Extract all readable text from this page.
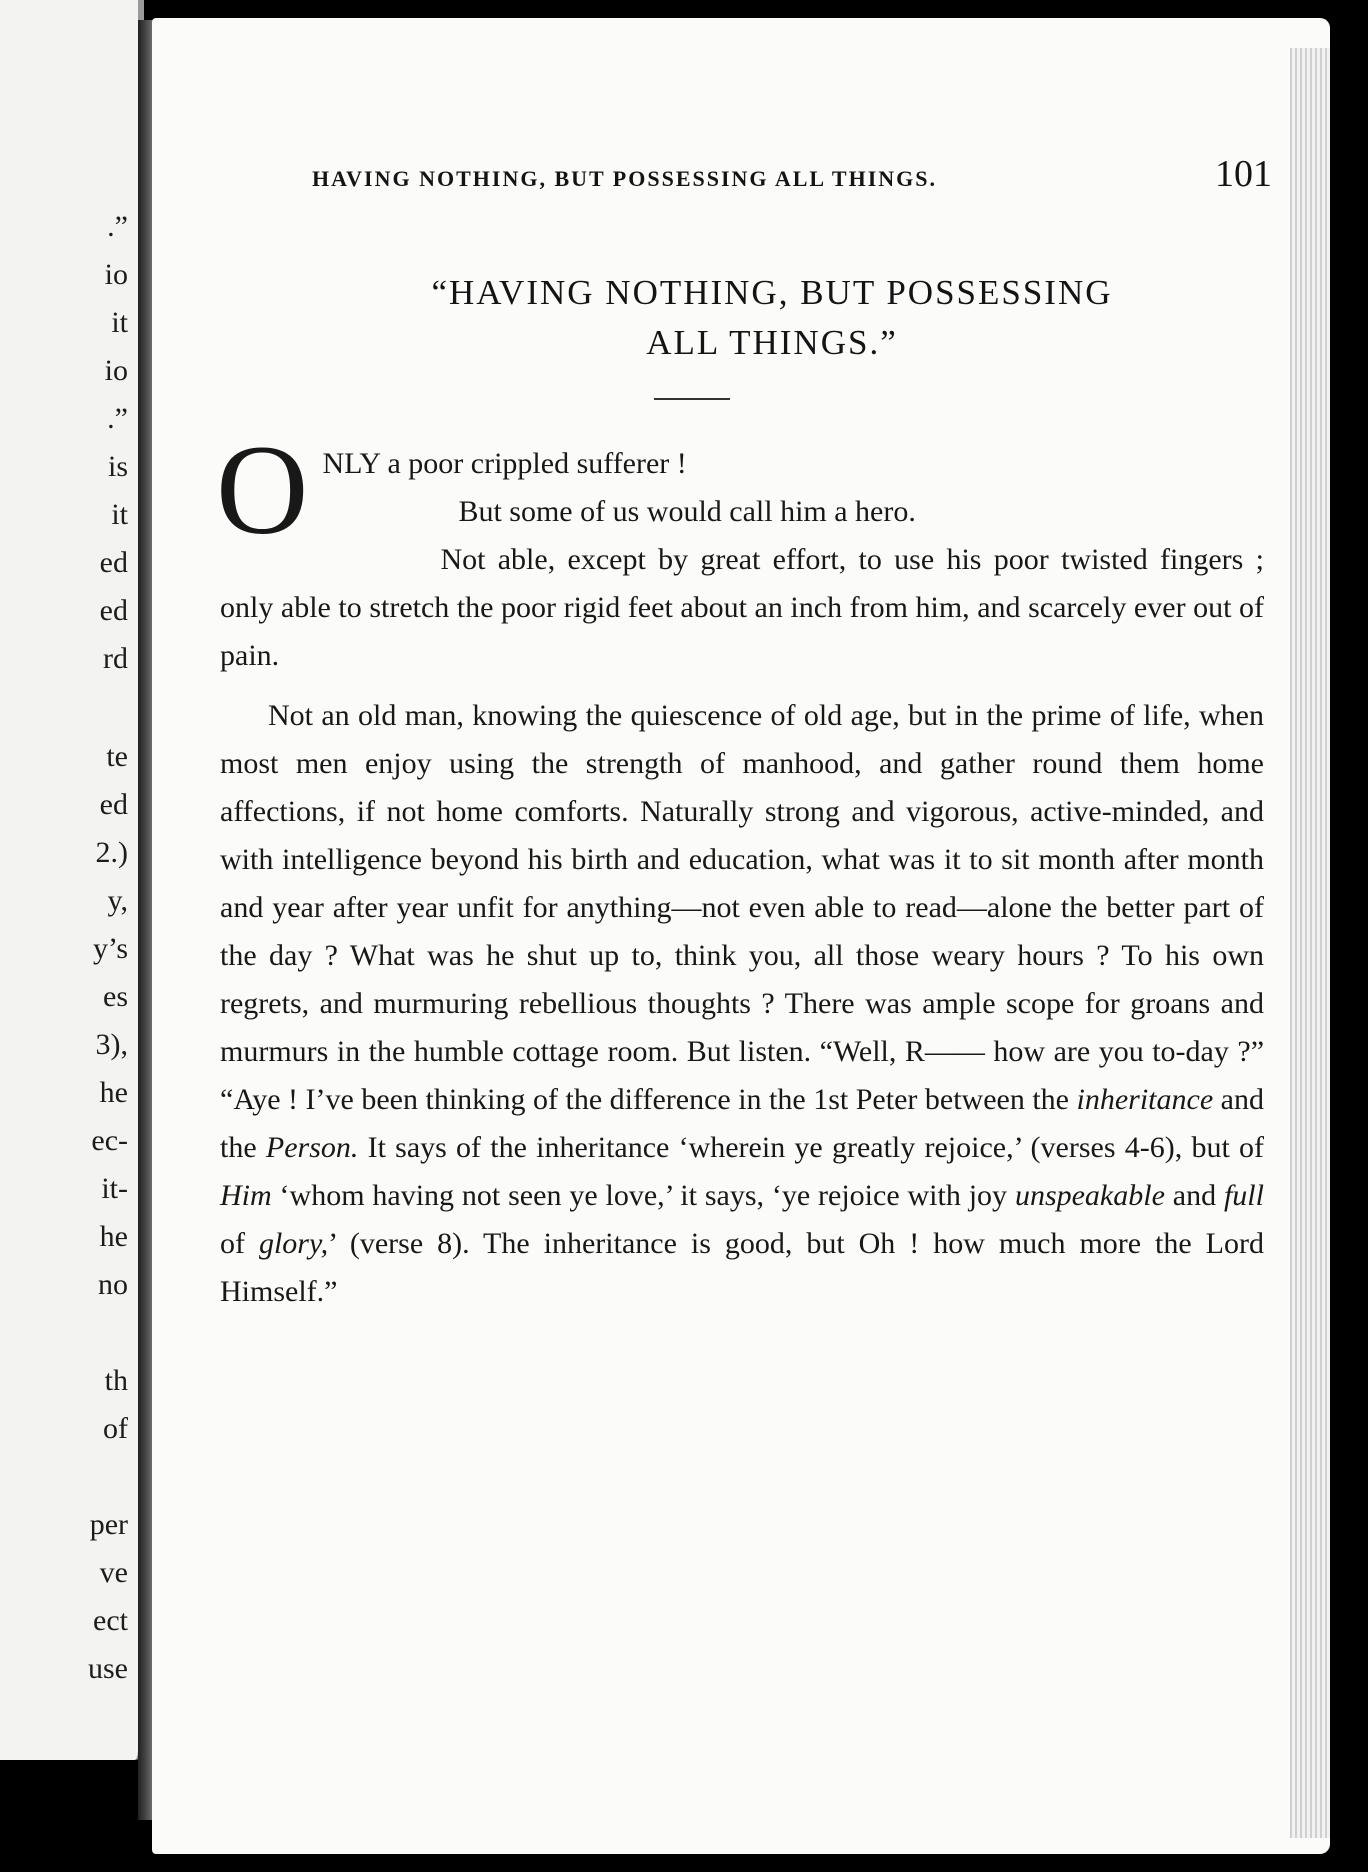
.”
io
it
io
.”
is
it
ed
ed
rd
te
ed
2.)
y,
y’s
es
3),
he
ec-
it-
he
no
th
of
per
ve
ect
use
HAVING NOTHING, BUT POSSESSING ALL THINGS.	101
“HAVING NOTHING, BUT POSSESSING
ALL THINGS.”

O NLY a poor crippled sufferer !
But some of us would call him a hero.
Not able, except by great effort, to use his poor twisted fingers ; only able to stretch the poor rigid feet about an inch from him, and scarcely ever out of pain.

Not an old man, knowing the quiescence of old age, but in the prime of life, when most men enjoy using the strength of manhood, and gather round them home affections, if not home comforts. Naturally strong and vigorous, active-minded, and with intelligence beyond his birth and education, what was it to sit month after month and year after year unfit for anything—not even able to read—alone the better part of the day ? What was he shut up to, think you, all those weary hours ? To his own regrets, and murmuring rebellious thoughts ? There was ample scope for groans and murmurs in the humble cottage room. But listen. “Well, R—— how are you to-day ?” “Aye ! I’ve been thinking of the difference in the 1st Peter between the inheritance and the Person. It says of the inheritance ‘wherein ye greatly rejoice,’ (verses 4-6), but of Him ‘whom having not seen ye love,’ it says, ‘ye rejoice with joy unspeakable and full of glory,’ (verse 8). The inheritance is good, but Oh ! how much more the Lord Himself.”
